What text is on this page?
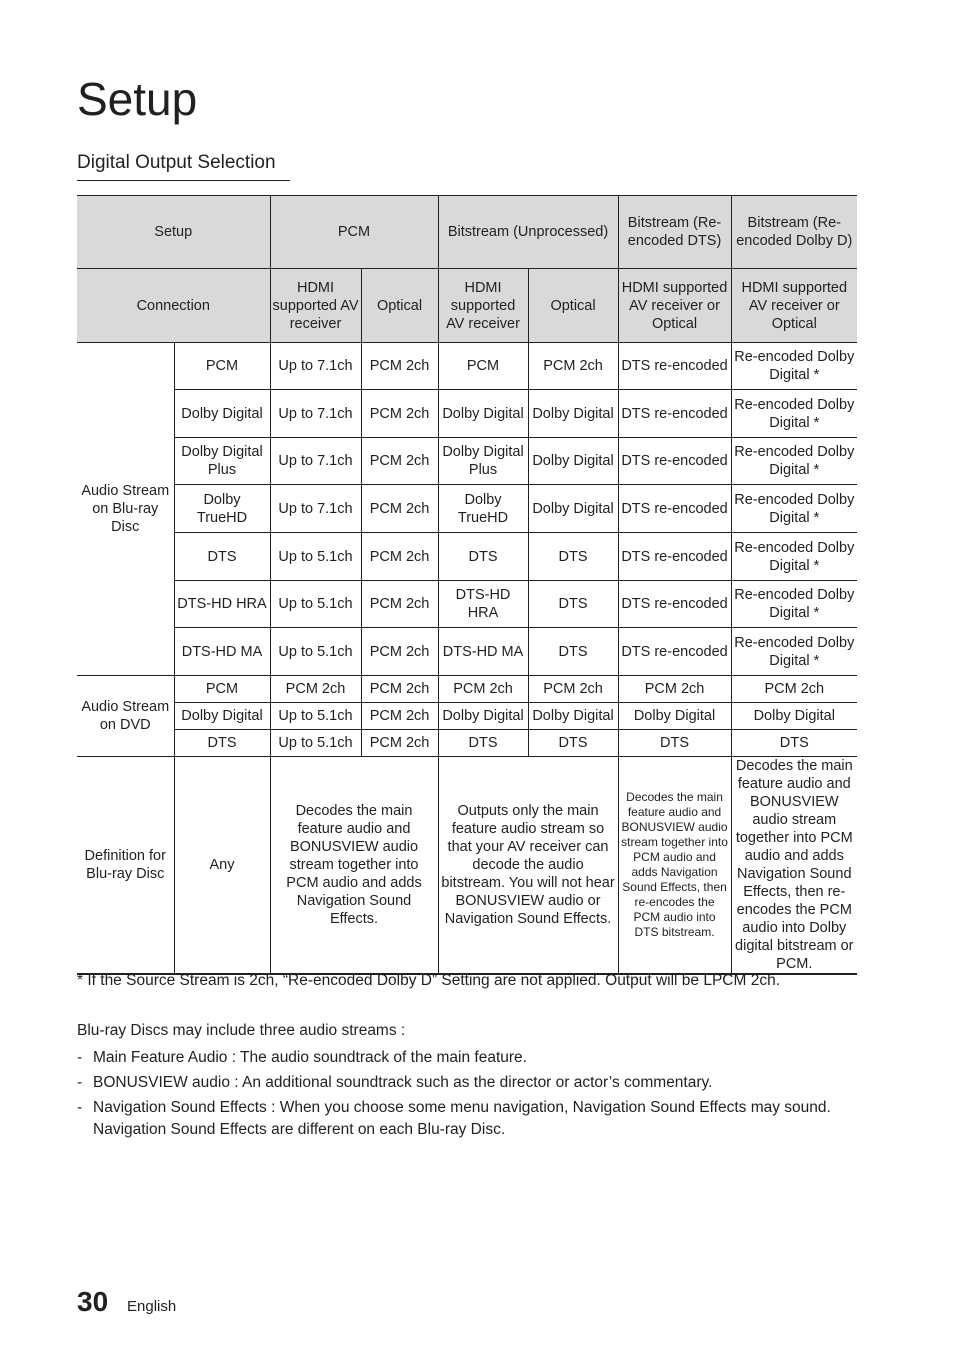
Setup
Digital Output Selection
Setup		PCM		Bitstream (Unprocessed)		Bitstream (Re-encoded DTS)	Bitstream (Re-encoded Dolby D)
Connection		HDMI supported AV receiver	Optical	HDMI supported AV receiver	Optical	HDMI supported AV receiver or Optical	HDMI supported AV receiver or Optical
Audio Stream on Blu-ray Disc	PCM	Up to 7.1ch	PCM 2ch	PCM	PCM 2ch	DTS re-encoded	Re-encoded Dolby Digital *
	Dolby Digital	Up to 7.1ch	PCM 2ch	Dolby Digital	Dolby Digital	DTS re-encoded	Re-encoded Dolby Digital *
	Dolby Digital Plus	Up to 7.1ch	PCM 2ch	Dolby Digital Plus	Dolby Digital	DTS re-encoded	Re-encoded Dolby Digital *
	Dolby TrueHD	Up to 7.1ch	PCM 2ch	Dolby TrueHD	Dolby Digital	DTS re-encoded	Re-encoded Dolby Digital *
	DTS	Up to 5.1ch	PCM 2ch	DTS	DTS	DTS re-encoded	Re-encoded Dolby Digital *
	DTS-HD HRA	Up to 5.1ch	PCM 2ch	DTS-HD HRA	DTS	DTS re-encoded	Re-encoded Dolby Digital *
	DTS-HD MA	Up to 5.1ch	PCM 2ch	DTS-HD MA	DTS	DTS re-encoded	Re-encoded Dolby Digital *
Audio Stream on DVD	PCM	PCM 2ch	PCM 2ch	PCM 2ch	PCM 2ch	PCM 2ch	PCM 2ch
	Dolby Digital	Up to 5.1ch	PCM 2ch	Dolby Digital	Dolby Digital	Dolby Digital	Dolby Digital
	DTS	Up to 5.1ch	PCM 2ch	DTS	DTS	DTS	DTS
Definition for Blu-ray Disc	Any	Decodes the main feature audio and BONUSVIEW audio stream together into PCM audio and adds Navigation Sound Effects.		Outputs only the main feature audio stream so that your AV receiver can decode the audio bitstream. You will not hear BONUSVIEW audio or Navigation Sound Effects.		Decodes the main feature audio and BONUSVIEW audio stream together into PCM audio and adds Navigation Sound Effects, then re-encodes the PCM audio into DTS bitstream.	Decodes the main feature audio and BONUSVIEW audio stream together into PCM audio and adds Navigation Sound Effects, then re-encodes the PCM audio into Dolby digital bitstream or PCM.
* If the Source Stream is 2ch, “Re-encoded Dolby D” Setting are not applied. Output will be LPCM 2ch.
Blu-ray Discs may include three audio streams :
- Main Feature Audio : The audio soundtrack of the main feature.
- BONUSVIEW audio : An additional soundtrack such as the director or actor’s commentary.
- Navigation Sound Effects : When you choose some menu navigation, Navigation Sound Effects may sound. Navigation Sound Effects are different on each Blu-ray Disc.
30 English
